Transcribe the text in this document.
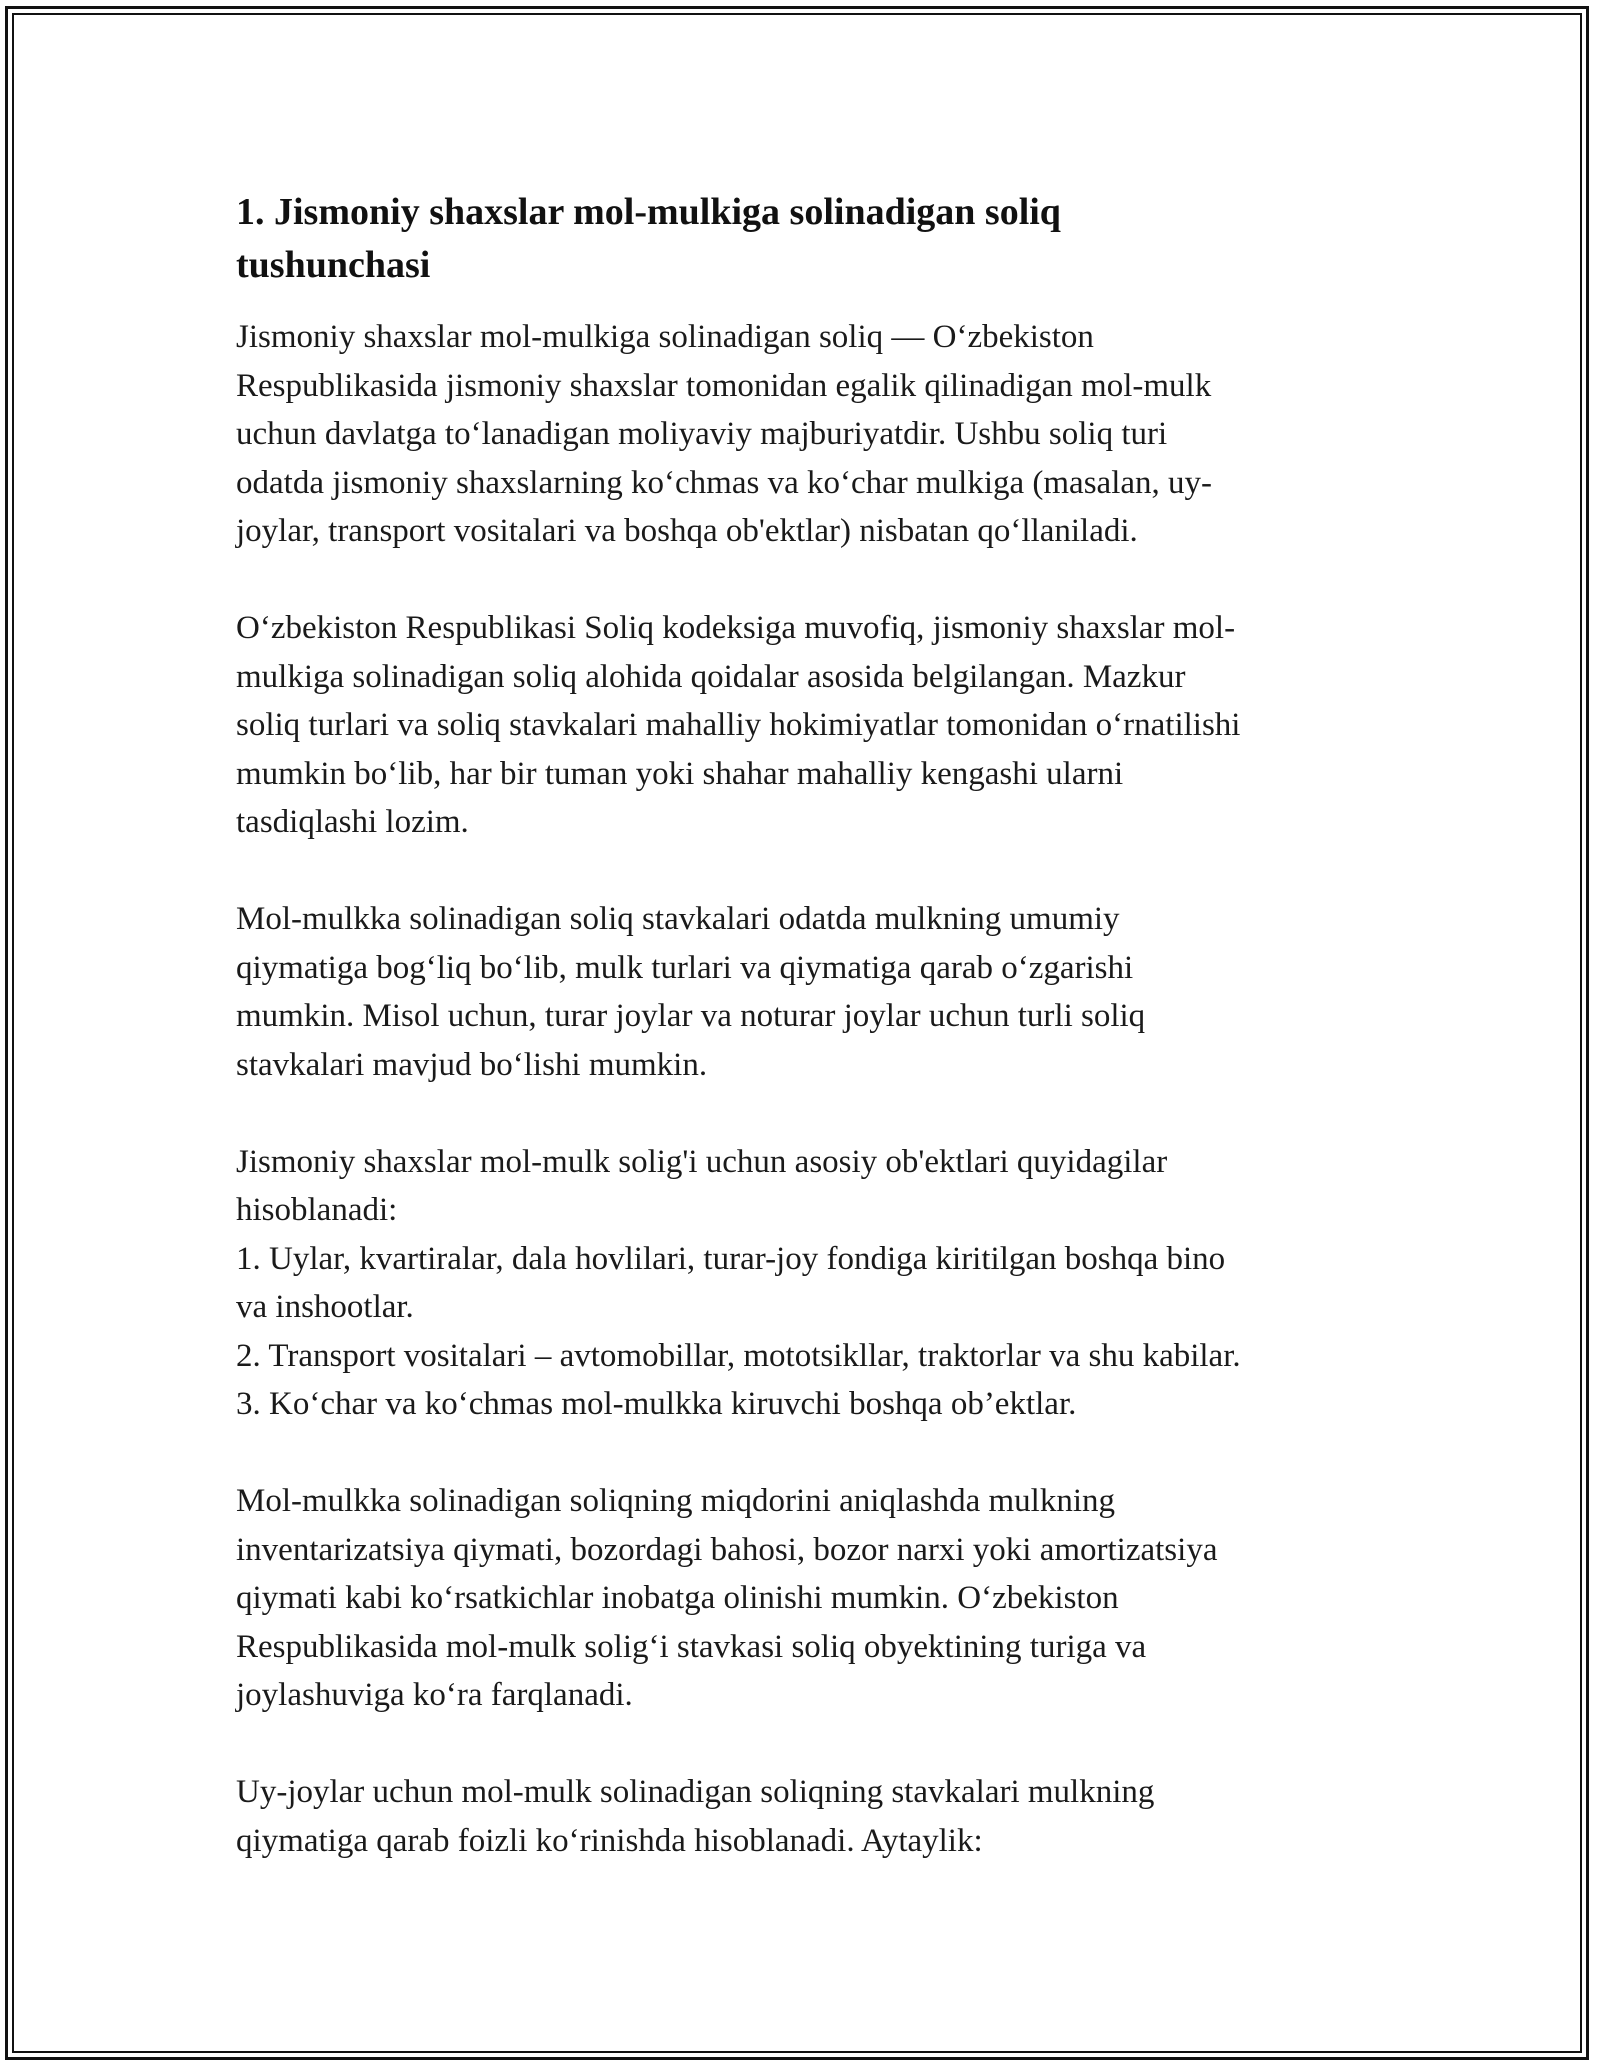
1. Jismoniy shaxslar mol-mulkiga solinadigan soliq
tushunchasi

Jismoniy shaxslar mol-mulkiga solinadigan soliq — O‘zbekiston
Respublikasida jismoniy shaxslar tomonidan egalik qilinadigan mol-mulk
uchun davlatga to‘lanadigan moliyaviy majburiyatdir. Ushbu soliq turi
odatda jismoniy shaxslarning ko‘chmas va ko‘char mulkiga (masalan, uy-
joylar, transport vositalari va boshqa ob'ektlar) nisbatan qo‘llaniladi.

O‘zbekiston Respublikasi Soliq kodeksiga muvofiq, jismoniy shaxslar mol-
mulkiga solinadigan soliq alohida qoidalar asosida belgilangan. Mazkur
soliq turlari va soliq stavkalari mahalliy hokimiyatlar tomonidan o‘rnatilishi
mumkin bo‘lib, har bir tuman yoki shahar mahalliy kengashi ularni
tasdiqlashi lozim.

Mol-mulkka solinadigan soliq stavkalari odatda mulkning umumiy
qiymatiga bog‘liq bo‘lib, mulk turlari va qiymatiga qarab o‘zgarishi
mumkin. Misol uchun, turar joylar va noturar joylar uchun turli soliq
stavkalari mavjud bo‘lishi mumkin.

Jismoniy shaxslar mol-mulk solig'i uchun asosiy ob'ektlari quyidagilar
hisoblanadi:

1. Uylar, kvartiralar, dala hovlilari, turar-joy fondiga kiritilgan boshqa bino
va inshootlar.
2. Transport vositalari – avtomobillar, mototsikllar, traktorlar va shu kabilar.
3. Ko‘char va ko‘chmas mol-mulkka kiruvchi boshqa ob’ektlar.

Mol-mulkka solinadigan soliqning miqdorini aniqlashda mulkning
inventarizatsiya qiymati, bozordagi bahosi, bozor narxi yoki amortizatsiya
qiymati kabi ko‘rsatkichlar inobatga olinishi mumkin. O‘zbekiston
Respublikasida mol-mulk solig‘i stavkasi soliq obyektining turiga va
joylashuviga ko‘ra farqlanadi.

Uy-joylar uchun mol-mulk solinadigan soliqning stavkalari mulkning
qiymatiga qarab foizli ko‘rinishda hisoblanadi. Aytaylik:
